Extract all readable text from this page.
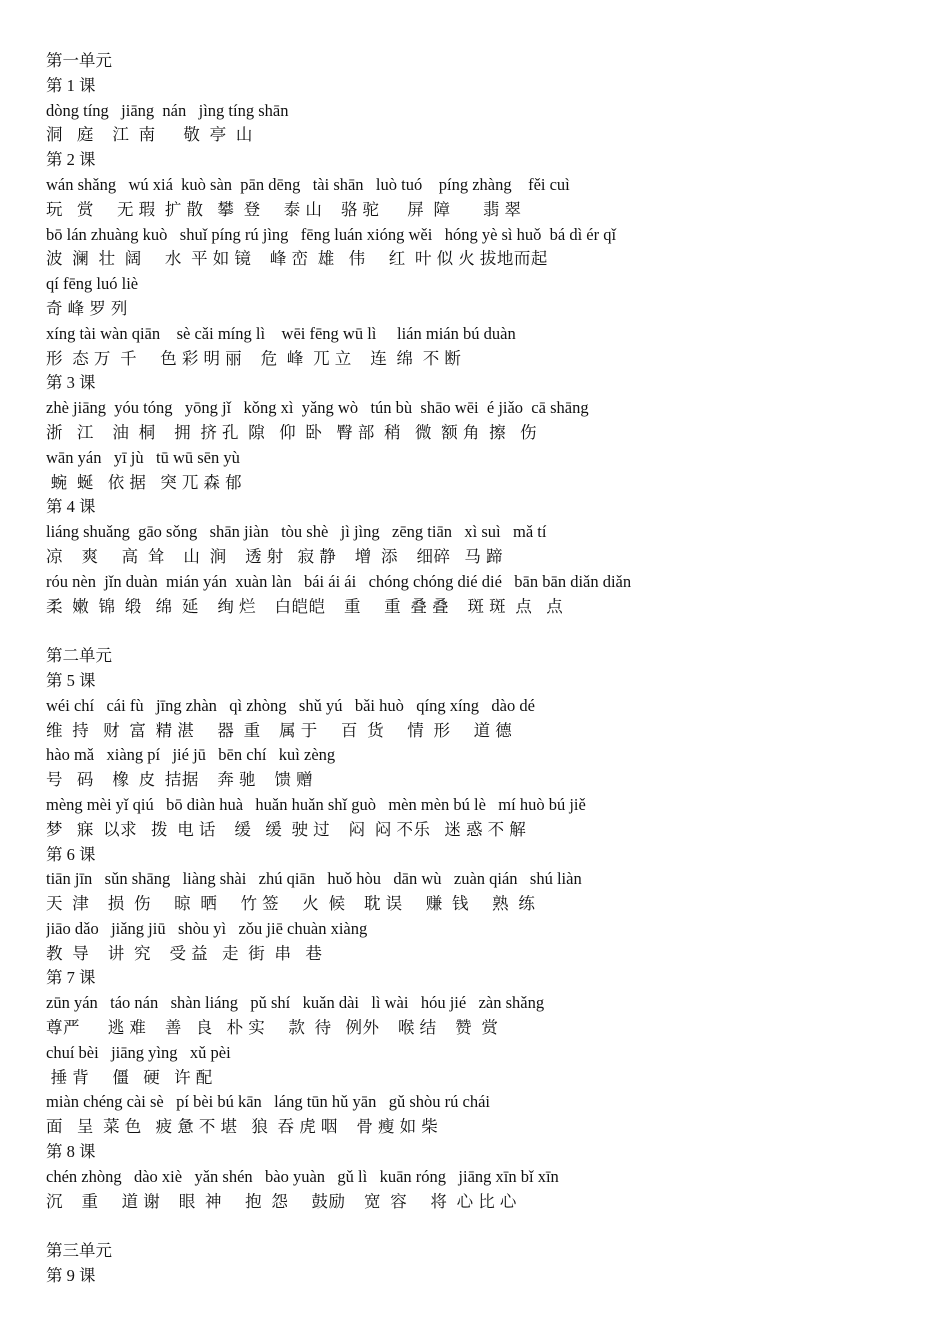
第一单元
第 1 课
dòng tíng   jiāng  nán   jìng tíng shān
洞   庭    江  南      敬  亭  山
第 2 课
wán shǎng   wú xiá  kuò sàn  pān dēng   tài shān   luò tuó    píng zhàng    fěi cuì
玩   赏     无 瑕  扩 散   攀  登     泰 山    骆 驼      屏  障       翡 翠
bō lán zhuàng kuò   shuǐ píng rú jìng   fēng luán xióng wěi   hóng yè sì huǒ  bá dì ér qǐ
波  澜  壮  阔     水  平 如 镜    峰 峦  雄   伟     红  叶 似 火 拔地而起
qí fēng luó liè
奇 峰 罗 列
xíng tài wàn qiān    sè cǎi míng lì    wēi fēng wū lì     lián mián bú duàn
形  态 万  千     色 彩 明 丽    危  峰  兀 立    连  绵  不 断
第 3 课
zhè jiāng  yóu tóng   yōng jǐ   kǒng xì  yǎng wò   tún bù  shāo wēi  é jiǎo  cā shāng
浙   江    油  桐    拥  挤 孔  隙   仰  卧   臀 部  稍   微  额 角  擦   伤
wān yán   yī jù   tū wū sēn yù
蜿  蜒   依 据   突 兀 森 郁
第 4 课
liáng shuǎng  gāo sǒng   shān jiàn   tòu shè   jì jìng   zēng tiān   xì suì   mǎ tí
凉    爽     高  耸    山  涧    透 射   寂 静    增  添    细碎   马 蹄
róu nèn  jǐn duàn  mián yán  xuàn làn   bái ái ái   chóng chóng dié dié   bān bān diǎn diǎn
柔  嫩  锦  缎   绵  延    绚 烂    白皑皑    重     重  叠 叠    斑 斑  点   点
第二单元
第 5 课
wéi chí   cái fù   jīng zhàn   qì zhòng   shǔ yú   bǎi huò   qíng xíng   dào dé
维  持   财  富  精 湛     器  重    属 于     百  货     情  形     道 德
hào mǎ   xiàng pí   jié jū   bēn chí   kuì zèng
号   码    橡  皮  拮据    奔 驰    馈 赠
mèng mèi yǐ qiú   bō diàn huà   huǎn huǎn shǐ guò   mèn mèn bú lè   mí huò bú jiě
梦   寐  以求   拨  电 话    缓   缓  驶 过    闷  闷 不乐   迷 惑 不 解
第 6 课
tiān jīn   sǔn shāng   liàng shài   zhú qiān   huǒ hòu   dān wù   zuàn qián   shú liàn
天  津    损  伤     晾  晒     竹 签     火  候    耽 误     赚  钱     熟  练
jiāo dǎo   jiǎng jiū   shòu yì   zǒu jiē chuàn xiàng
教  导    讲  究    受 益   走  街  串   巷
第 7 课
zūn yán   táo nán   shàn liáng   pǔ shí   kuǎn dài   lì wài   hóu jié   zàn shǎng
尊严      逃 难    善   良   朴 实     款  待   例外    喉 结    赞  赏
chuí bèi   jiāng yìng   xǔ pèi
捶 背     僵   硬   许 配
miàn chéng cài sè   pí bèi bú kān   láng tūn hǔ yān   gǔ shòu rú chái
面   呈  菜 色   疲 惫 不 堪   狼  吞 虎 咽    骨 瘦 如 柴
第 8 课
chén zhòng   dào xiè   yǎn shén   bào yuàn   gǔ lì   kuān róng   jiāng xīn bǐ xīn
沉    重     道 谢    眼  神     抱  怨     鼓励    宽  容     将  心 比 心
第三单元
第 9 课
